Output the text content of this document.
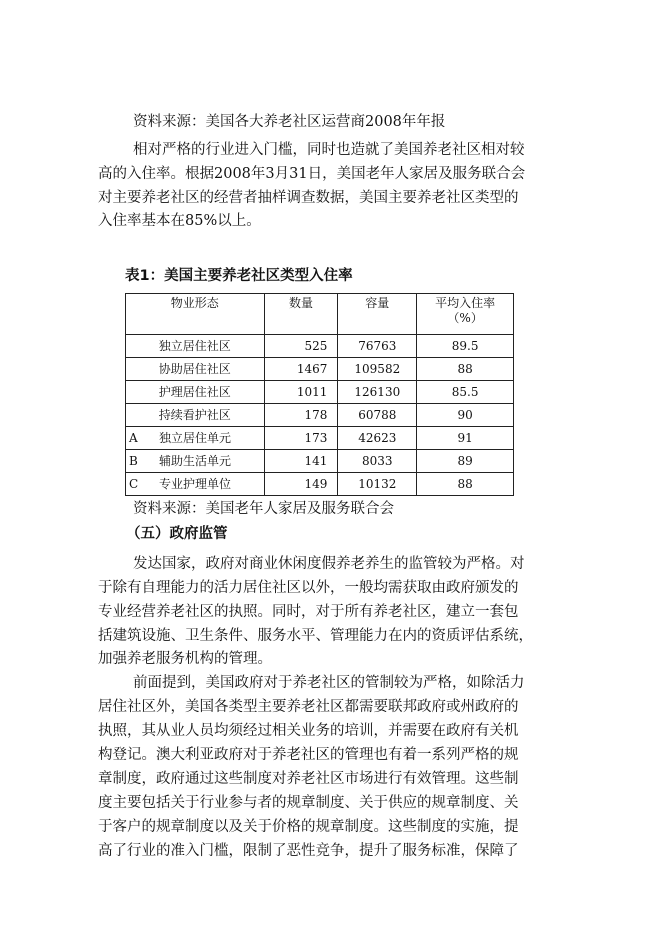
资料来源：美国各大养老社区运营商2008年年报
相对严格的行业进入门槛，同时也造就了美国养老社区相对较
高的入住率。根据2008年3月31日，美国老年人家居及服务联合会
对主要养老社区的经营者抽样调查数据，美国主要养老社区类型的
入住率基本在85%以上。
表1：美国主要养老社区类型入住率
物业形态	数量	容量	平均入住率
（%）
独立居住社区	525	76763	89.5
协助居住社区	1467	109582	88
护理居住社区	1011	126130	85.5
持续看护社区	178	60788	90
A 独立居住单元	173	42623	91
B 辅助生活单元	141	8033	89
C 专业护理单位	149	10132	88
资料来源：美国老年人家居及服务联合会
（五）政府监管
发达国家，政府对商业休闲度假养老养生的监管较为严格。对
于除有自理能力的活力居住社区以外，一般均需获取由政府颁发的
专业经营养老社区的执照。同时，对于所有养老社区，建立一套包
括建筑设施、卫生条件、服务水平、管理能力在内的资质评估系统，
加强养老服务机构的管理。
前面提到，美国政府对于养老社区的管制较为严格，如除活力
居住社区外，美国各类型主要养老社区都需要联邦政府或州政府的
执照，其从业人员均须经过相关业务的培训，并需要在政府有关机
构登记。澳大利亚政府对于养老社区的管理也有着一系列严格的规
章制度，政府通过这些制度对养老社区市场进行有效管理。这些制
度主要包括关于行业参与者的规章制度、关于供应的规章制度、关
于客户的规章制度以及关于价格的规章制度。这些制度的实施，提
高了行业的准入门槛，限制了恶性竞争，提升了服务标准，保障了
